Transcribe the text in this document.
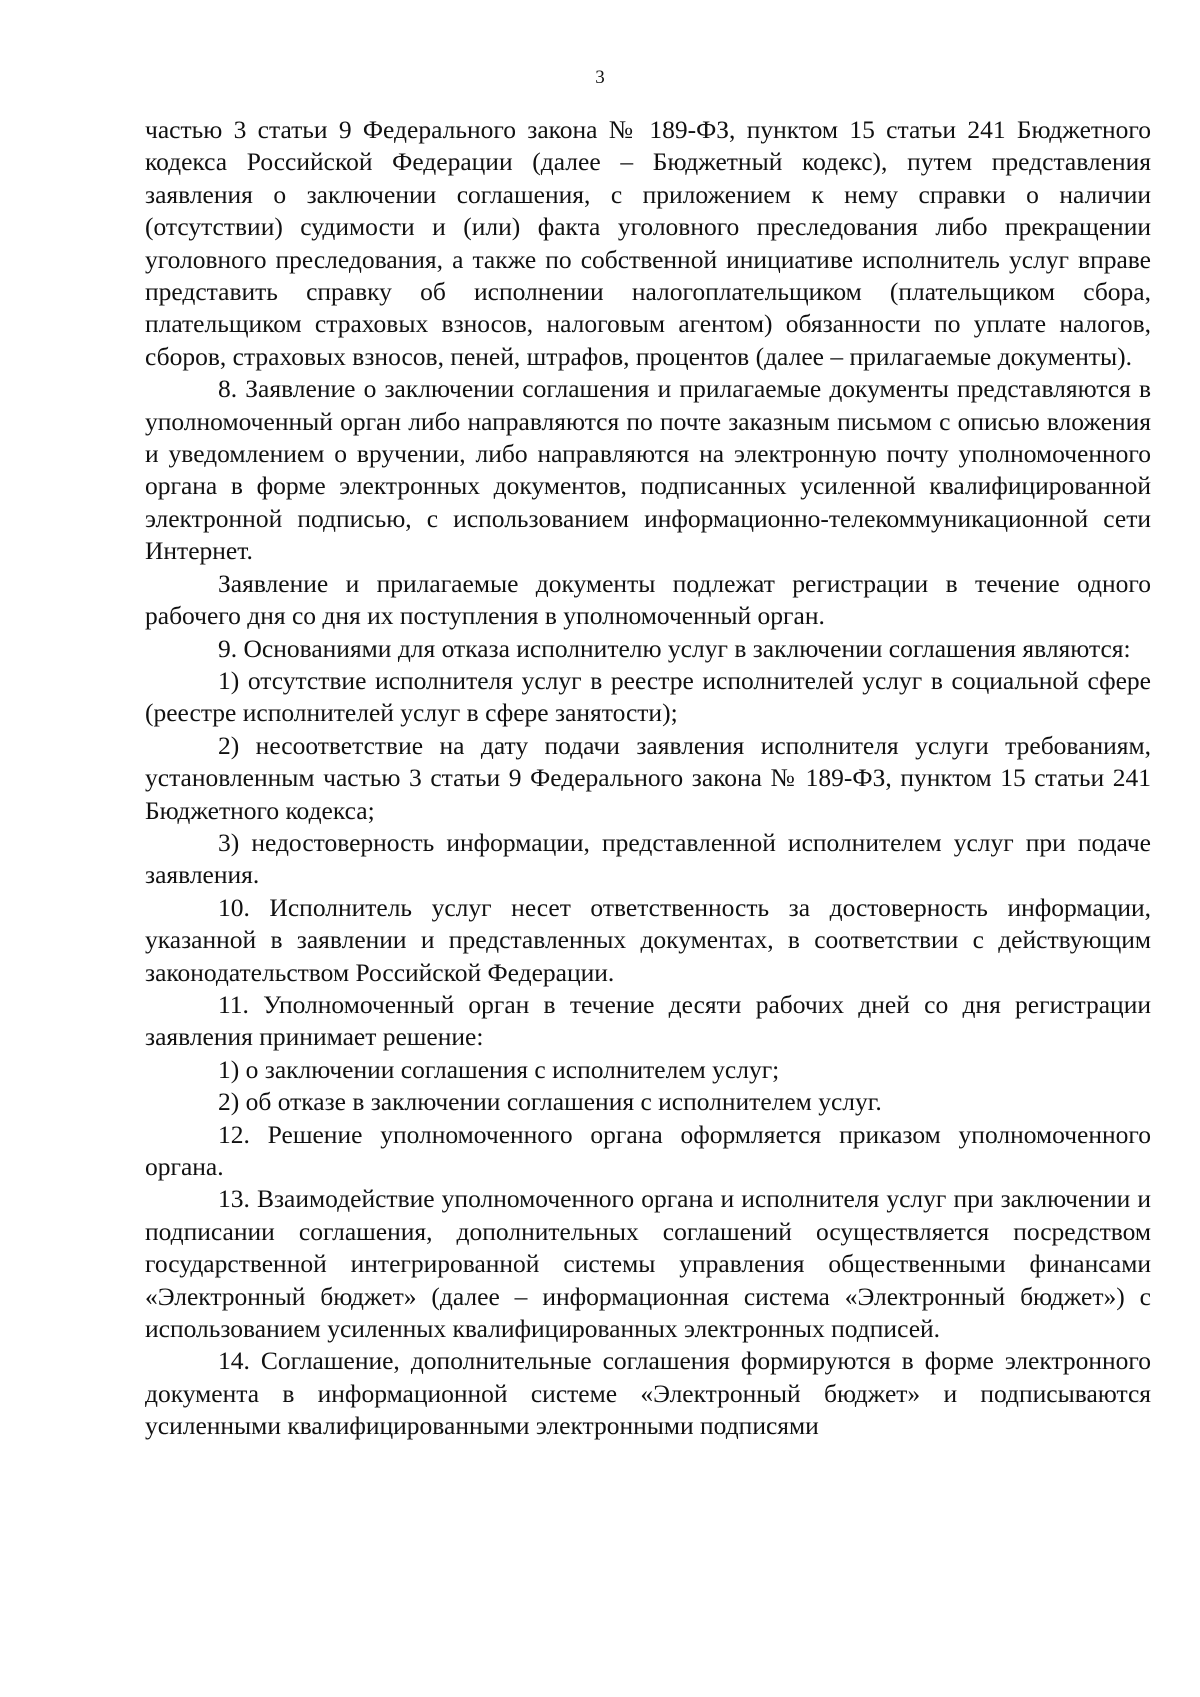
3

частью 3 статьи 9 Федерального закона № 189-ФЗ, пунктом 15 статьи 241 Бюджетного кодекса Российской Федерации (далее – Бюджетный кодекс), путем представления заявления о заключении соглашения, с приложением к нему справки о наличии (отсутствии) судимости и (или) факта уголовного преследования либо прекращении уголовного преследования, а также по собственной инициативе исполнитель услуг вправе представить справку об исполнении налогоплательщиком (плательщиком сбора, плательщиком страховых взносов, налоговым агентом) обязанности по уплате налогов, сборов, страховых взносов, пеней, штрафов, процентов (далее – прилагаемые документы).

8. Заявление о заключении соглашения и прилагаемые документы представляются в уполномоченный орган либо направляются по почте заказным письмом с описью вложения и уведомлением о вручении, либо направляются на электронную почту уполномоченного органа в форме электронных документов, подписанных усиленной квалифицированной электронной подписью, с использованием информационно-телекоммуникационной сети Интернет.

Заявление и прилагаемые документы подлежат регистрации в течение одного рабочего дня со дня их поступления в уполномоченный орган.

9. Основаниями для отказа исполнителю услуг в заключении соглашения являются:

1) отсутствие исполнителя услуг в реестре исполнителей услуг в социальной сфере (реестре исполнителей услуг в сфере занятости);

2) несоответствие на дату подачи заявления исполнителя услуги требованиям, установленным частью 3 статьи 9 Федерального закона № 189-ФЗ, пунктом 15 статьи 241 Бюджетного кодекса;

3) недостоверность информации, представленной исполнителем услуг при подаче заявления.

10. Исполнитель услуг несет ответственность за достоверность информации, указанной в заявлении и представленных документах, в соответствии с действующим законодательством Российской Федерации.

11. Уполномоченный орган в течение десяти рабочих дней со дня регистрации заявления принимает решение:

1) о заключении соглашения с исполнителем услуг;

2) об отказе в заключении соглашения с исполнителем услуг.

12. Решение уполномоченного органа оформляется приказом уполномоченного органа.

13. Взаимодействие уполномоченного органа и исполнителя услуг при заключении и подписании соглашения, дополнительных соглашений осуществляется посредством государственной интегрированной системы управления общественными финансами «Электронный бюджет» (далее – информационная система «Электронный бюджет») с использованием усиленных квалифицированных электронных подписей.

14. Соглашение, дополнительные соглашения формируются в форме электронного документа в информационной системе «Электронный бюджет» и подписываются усиленными квалифицированными электронными подписями
